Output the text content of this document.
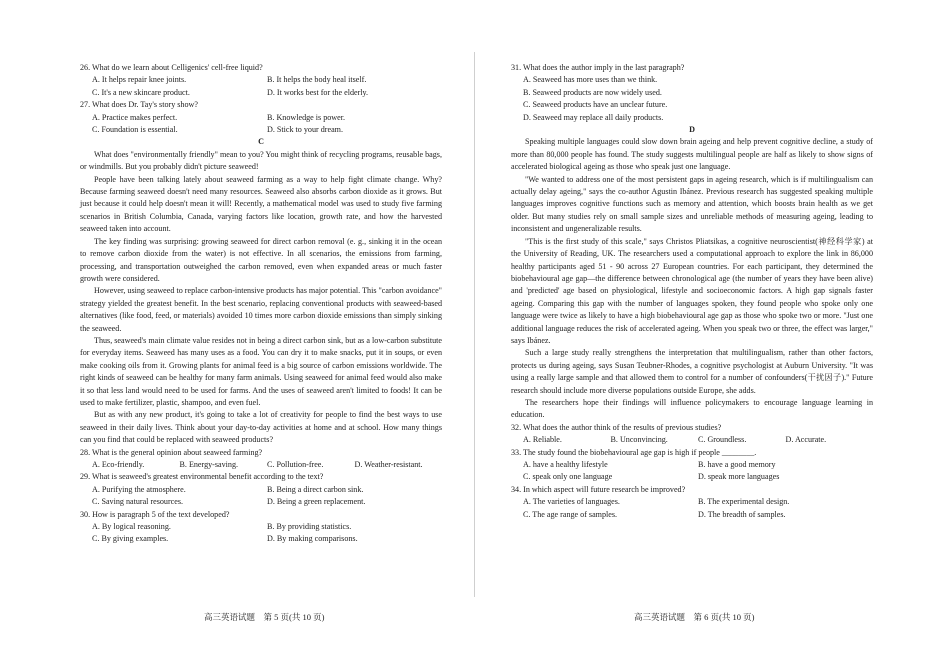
26. What do we learn about Celligenics' cell-free liquid?

A. It helps repair knee joints.	B. It helps the body heal itself.

C. It's a new skincare product.	D. It works best for the elderly.

27. What does Dr. Tay's story show?

A. Practice makes perfect.	B. Knowledge is power.

C. Foundation is essential.	D. Stick to your dream.

C

What does "environmentally friendly" mean to you? You might think of recycling programs, reusable bags, or windmills. But you probably didn't picture seaweed!

People have been talking lately about seaweed farming as a way to help fight climate change. Why? Because farming seaweed doesn't need many resources. Seaweed also absorbs carbon dioxide as it grows. But just because it could help doesn't mean it will! Recently, a mathematical model was used to study five farming scenarios in British Columbia, Canada, varying factors like location, growth rate, and how the harvested seaweed taken into account.

The key finding was surprising: growing seaweed for direct carbon removal (e. g., sinking it in the ocean to remove carbon dioxide from the water) is not effective. In all scenarios, the emissions from farming, processing, and transportation outweighed the carbon removed, even when expanded areas or much faster growth were considered.

However, using seaweed to replace carbon-intensive products has major potential. This "carbon avoidance" strategy yielded the greatest benefit. In the best scenario, replacing conventional products with seaweed-based alternatives (like food, feed, or materials) avoided 10 times more carbon dioxide emissions than simply sinking the seaweed.

Thus, seaweed's main climate value resides not in being a direct carbon sink, but as a low-carbon substitute for everyday items. Seaweed has many uses as a food. You can dry it to make snacks, put it in soups, or even make cooking oils from it. Growing plants for animal feed is a big source of carbon emissions worldwide. The right kinds of seaweed can be healthy for many farm animals. Using seaweed for animal feed would also make it so that less land would need to be used for farms. And the uses of seaweed aren't limited to foods! It can be used to make fertilizer, plastic, shampoo, and even fuel.

But as with any new product, it's going to take a lot of creativity for people to find the best ways to use seaweed in their daily lives. Think about your day-to-day activities at home and at school. How many things can you find that could be replaced with seaweed products?

28. What is the general opinion about seaweed farming?

A. Eco-friendly.	B. Energy-saving.	C. Pollution-free.	D. Weather-resistant.

29. What is seaweed's greatest environmental benefit according to the text?

A. Purifying the atmosphere.	B. Being a direct carbon sink.

C. Saving natural resources.	D. Being a green replacement.

30. How is paragraph 5 of the text developed?

A. By logical reasoning.	B. By providing statistics.

C. By giving examples.	D. By making comparisons.

31. What does the author imply in the last paragraph?

A. Seaweed has more uses than we think.

B. Seaweed products are now widely used.

C. Seaweed products have an unclear future.

D. Seaweed may replace all daily products.

D

Speaking multiple languages could slow down brain ageing and help prevent cognitive decline, a study of more than 80,000 people has found. The study suggests multilingual people are half as likely to show signs of accelerated biological ageing as those who speak just one language.

"We wanted to address one of the most persistent gaps in ageing research, which is if multilingualism can actually delay ageing," says the co-author Agustin Ibánez. Previous research has suggested speaking multiple languages improves cognitive functions such as memory and attention, which boosts brain health as we get older. But many studies rely on small sample sizes and unreliable methods of measuring ageing, leading to inconsistent and ungeneralizable results.

"This is the first study of this scale," says Christos Pliatsikas, a cognitive neuroscientist(神经科学家) at the University of Reading, UK. The researchers used a computational approach to explore the link in 86,000 healthy participants aged 51 - 90 across 27 European countries. For each participant, they determined the biobehavioural age gap—the difference between chronological age (the number of years they have been alive) and 'predicted' age based on physiological, lifestyle and socioeconomic factors. A high gap signals faster ageing. Comparing this gap with the number of languages spoken, they found people who spoke only one language were twice as likely to have a high biobehavioural age gap as those who spoke two or more. "Just one additional language reduces the risk of accelerated ageing. When you speak two or three, the effect was larger," says Ibánez.

Such a large study really strengthens the interpretation that multilingualism, rather than other factors, protects us during ageing, says Susan Teubner-Rhodes, a cognitive psychologist at Auburn University. "It was using a really large sample and that allowed them to control for a number of confounders(干扰因子)." Future research should include more diverse populations outside Europe, she adds.

The researchers hope their findings will influence policymakers to encourage language learning in education.

32. What does the author think of the results of previous studies?

A. Reliable.	B. Unconvincing.	C. Groundless.	D. Accurate.

33. The study found the biobehavioural age gap is high if people ________.

A. have a healthy lifestyle	B. have a good memory

C. speak only one language	D. speak more languages

34. In which aspect will future research be improved?

A. The varieties of languages.	B. The experimental design.

C. The age range of samples.	D. The breadth of samples.

高三英语试题　第 5 页(共 10 页)	高三英语试题　第 6 页(共 10 页)
